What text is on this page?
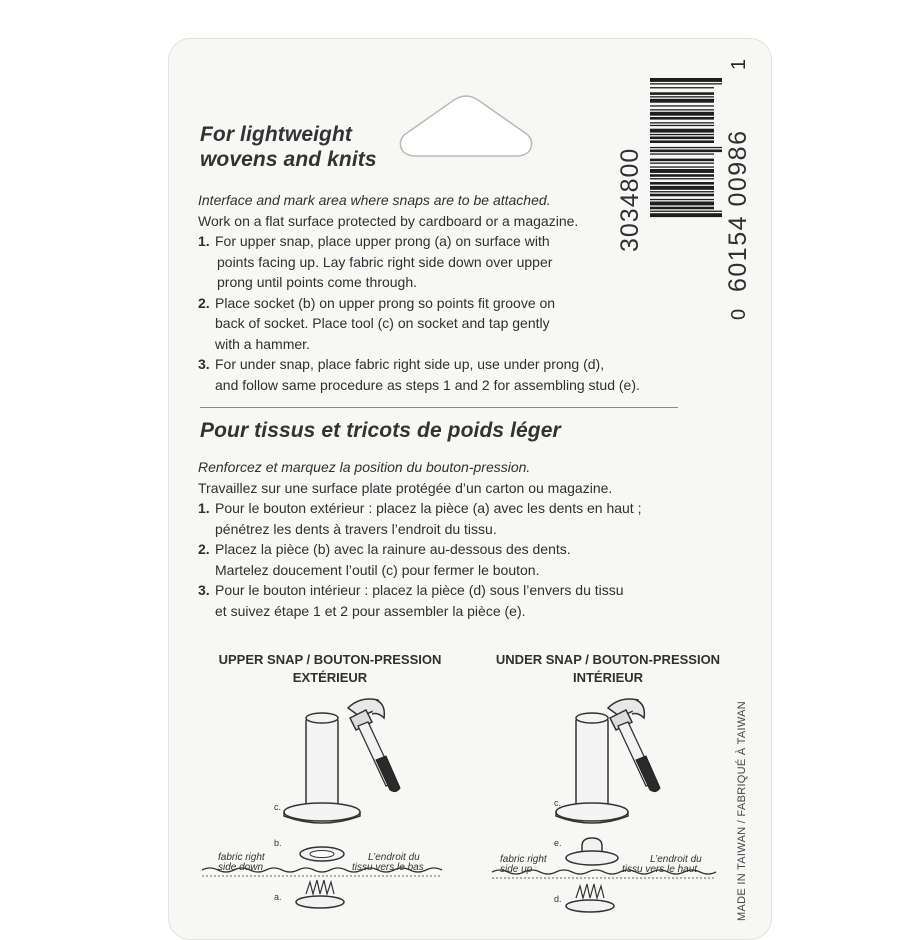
For lightweight
wovens and knits
Interface and mark area where snaps are to be attached.
Work on a flat surface protected by cardboard or a magazine.
1. For upper snap, place upper prong (a) on surface with
points facing up. Lay fabric right side down over upper
prong until points come through.
2. Place socket (b) on upper prong so points fit groove on
back of socket. Place tool (c) on socket and tap gently
with a hammer.
3. For under snap, place fabric right side up, use under prong (d),
and follow same procedure as steps 1 and 2 for assembling stud (e).
Pour tissus et tricots de poids léger
Renforcez et marquez la position du bouton-pression.
Travaillez sur une surface plate protégée d’un carton ou magazine.
1. Pour le bouton extérieur : placez la pièce (a) avec les dents en haut ;
pénétrez les dents à travers l’endroit du tissu.
2. Placez la pièce (b) avec la rainure au-dessous des dents.
Martelez doucement l’outil (c) pour fermer le bouton.
3. Pour le bouton intérieur : placez la pièce (d) sous l’envers du tissu
et suivez étape 1 et 2 pour assembler la pièce (e).
3034800	60154 00986
0
1
MADE IN TAIWAN / FABRIQUÉ À TAIWAN
UPPER SNAP / BOUTON-PRESSION
EXTÉRIEUR
UNDER SNAP / BOUTON-PRESSION
INTÉRIEUR
c.
b.
fabric right
side down
L’endroit du
tissu vers le bas
a.
c.
e.
fabric right
side up
L’endroit du
tissu vers le haut.
d.
